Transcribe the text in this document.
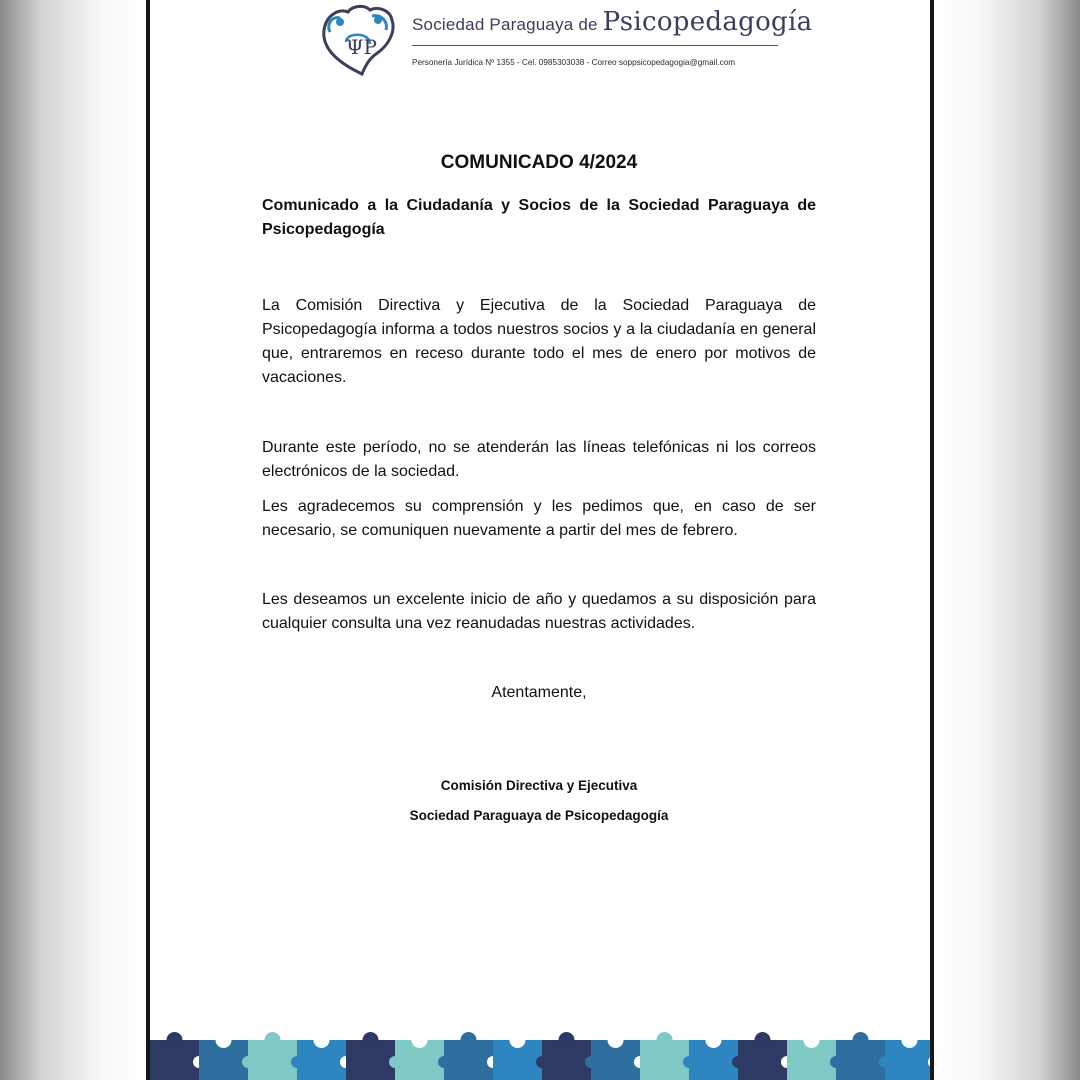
ΨP
Sociedad Paraguaya de Psicopedagogía
Personería Jurídica Nº 1355 - Cel. 0985303038 - Correo soppsicopedagogia@gmail.com
COMUNICADO 4/2024
Comunicado a la Ciudadanía y Socios de la Sociedad Paraguaya de Psicopedagogía

La Comisión Directiva y Ejecutiva de la Sociedad Paraguaya de Psicopedagogía informa a todos nuestros socios y a la ciudadanía en general que, entraremos en receso durante todo el mes de enero por motivos de vacaciones.

Durante este período, no se atenderán las líneas telefónicas ni los correos electrónicos de la sociedad.

Les agradecemos su comprensión y les pedimos que, en caso de ser necesario, se comuniquen nuevamente a partir del mes de febrero.

Les deseamos un excelente inicio de año y quedamos a su disposición para cualquier consulta una vez reanudadas nuestras actividades.

Atentamente,
Comisión Directiva y Ejecutiva
Sociedad Paraguaya de Psicopedagogía
